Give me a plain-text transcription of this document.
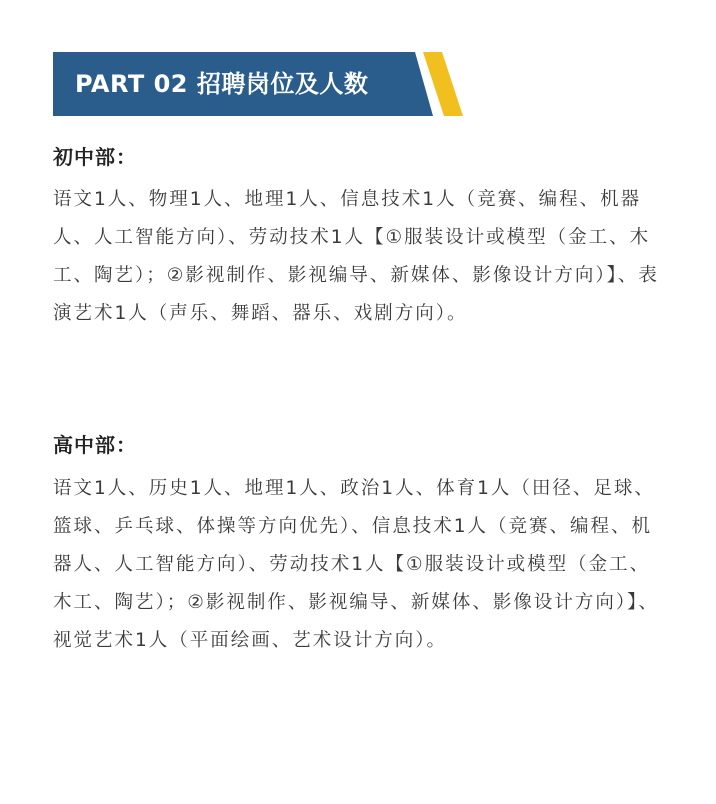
PART 02 招聘岗位及人数
初中部：

语文1人、物理1人、地理1人、信息技术1人（竞赛、编程、机器人、人工智能方向）、劳动技术1人【①服装设计或模型（金工、木工、陶艺）；②影视制作、影视编导、新媒体、影像设计方向）】、表演艺术1人（声乐、舞蹈、器乐、戏剧方向）。

高中部：

语文1人、历史1人、地理1人、政治1人、体育1人（田径、足球、篮球、乒乓球、体操等方向优先）、信息技术1人（竞赛、编程、机器人、人工智能方向）、劳动技术1人【①服装设计或模型（金工、木工、陶艺）；②影视制作、影视编导、新媒体、影像设计方向）】、视觉艺术1人（平面绘画、艺术设计方向）。
